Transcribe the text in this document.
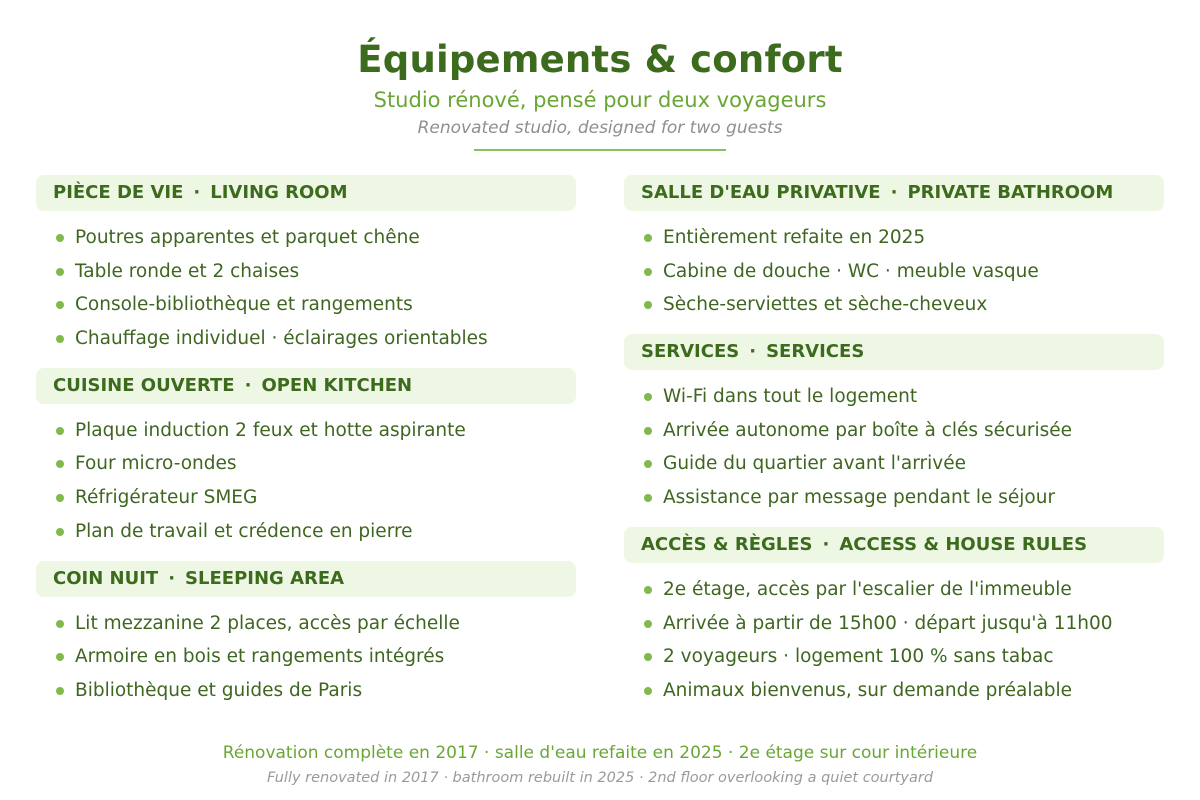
Équipements & confort
Studio rénové, pensé pour deux voyageurs
Renovated studio, designed for two guests
PIÈCE DE VIE · LIVING ROOM
Poutres apparentes et parquet chêne
Table ronde et 2 chaises
Console-bibliothèque et rangements
Chauffage individuel · éclairages orientables
CUISINE OUVERTE · OPEN KITCHEN
Plaque induction 2 feux et hotte aspirante
Four micro-ondes
Réfrigérateur SMEG
Plan de travail et crédence en pierre
COIN NUIT · SLEEPING AREA
Lit mezzanine 2 places, accès par échelle
Armoire en bois et rangements intégrés
Bibliothèque et guides de Paris
SALLE D'EAU PRIVATIVE · PRIVATE BATHROOM
Entièrement refaite en 2025
Cabine de douche · WC · meuble vasque
Sèche-serviettes et sèche-cheveux
SERVICES · SERVICES
Wi-Fi dans tout le logement
Arrivée autonome par boîte à clés sécurisée
Guide du quartier avant l'arrivée
Assistance par message pendant le séjour
ACCÈS & RÈGLES · ACCESS & HOUSE RULES
2e étage, accès par l'escalier de l'immeuble
Arrivée à partir de 15h00 · départ jusqu'à 11h00
2 voyageurs · logement 100 % sans tabac
Animaux bienvenus, sur demande préalable
Rénovation complète en 2017 · salle d'eau refaite en 2025 · 2e étage sur cour intérieure
Fully renovated in 2017 · bathroom rebuilt in 2025 · 2nd floor overlooking a quiet courtyard
